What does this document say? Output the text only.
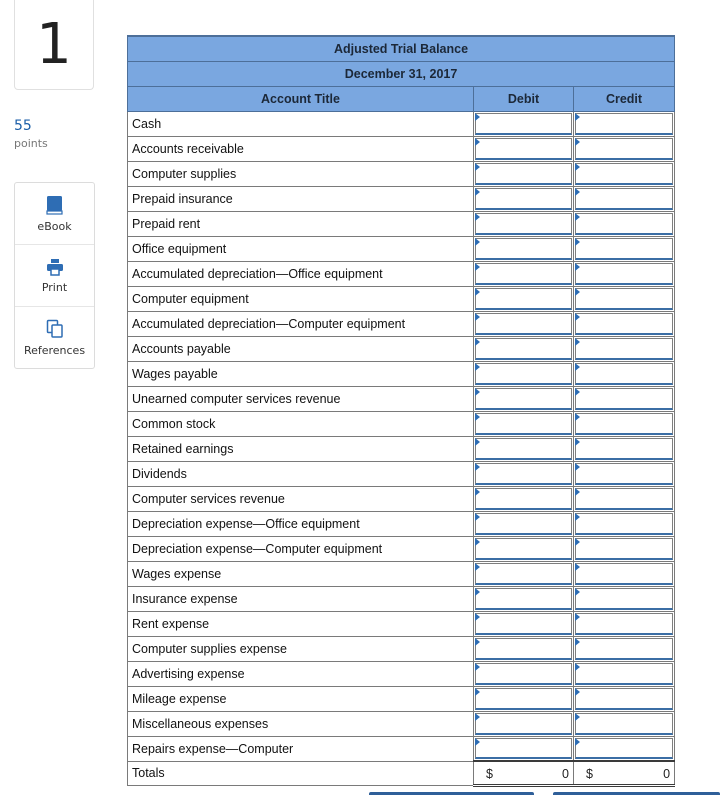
1
55
points
eBook
Print
References
Adjusted Trial Balance		
December 31, 2017		
Account Title	Debit	Credit
Cash	

Accounts receivable	

Computer supplies	

Prepaid insurance	

Prepaid rent	

Office equipment	

Accumulated depreciation—Office equipment	

Computer equipment	

Accumulated depreciation—Computer equipment	

Accounts payable	

Wages payable	

Unearned computer services revenue	

Common stock	

Retained earnings	

Dividends	

Computer services revenue	

Depreciation expense—Office equipment	

Depreciation expense—Computer equipment	

Wages expense	

Insurance expense	

Rent expense	

Computer supplies expense	

Advertising expense	

Mileage expense	

Miscellaneous expenses	

Repairs expense—Computer	

Totals	$ 0	$ 0
